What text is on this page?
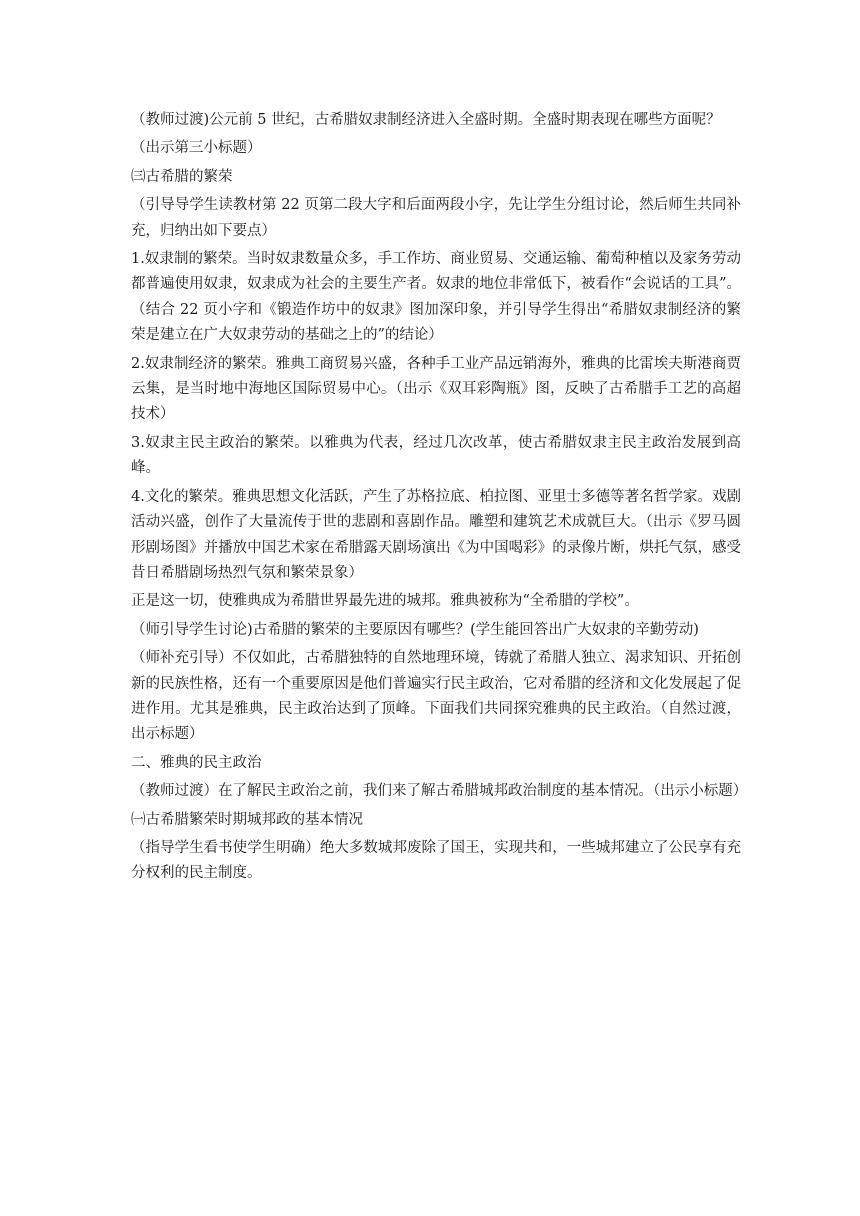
（教师过渡)公元前 5 世纪，古希腊奴隶制经济进入全盛时期。全盛时期表现在哪些方面呢？

（出示第三小标题）

㈢古希腊的繁荣

（引导导学生读教材第 22 页第二段大字和后面两段小字，先让学生分组讨论，然后师生共同补充，归纳出如下要点）

1.奴隶制的繁荣。当时奴隶数量众多，手工作坊、商业贸易、交通运输、葡萄种植以及家务劳动都普遍使用奴隶，奴隶成为社会的主要生产者。奴隶的地位非常低下，被看作“会说话的工具”。（结合 22 页小字和《锻造作坊中的奴隶》图加深印象，并引导学生得出“希腊奴隶制经济的繁荣是建立在广大奴隶劳动的基础之上的”的结论）

2.奴隶制经济的繁荣。雅典工商贸易兴盛，各种手工业产品远销海外，雅典的比雷埃夫斯港商贾云集，是当时地中海地区国际贸易中心。（出示《双耳彩陶瓶》图，反映了古希腊手工艺的高超技术）

3.奴隶主民主政治的繁荣。以雅典为代表，经过几次改革，使古希腊奴隶主民主政治发展到高峰。

4.文化的繁荣。雅典思想文化活跃，产生了苏格拉底、柏拉图、亚里士多德等著名哲学家。戏剧活动兴盛，创作了大量流传于世的悲剧和喜剧作品。雕塑和建筑艺术成就巨大。（出示《罗马圆形剧场图》并播放中国艺术家在希腊露天剧场演出《为中国喝彩》的录像片断，烘托气氛，感受昔日希腊剧场热烈气氛和繁荣景象）

正是这一切，使雅典成为希腊世界最先进的城邦。雅典被称为“全希腊的学校”。

（师引导学生讨论)古希腊的繁荣的主要原因有哪些？(学生能回答出广大奴隶的辛勤劳动)

（师补充引导）不仅如此，古希腊独特的自然地理环境，铸就了希腊人独立、渴求知识、开拓创新的民族性格，还有一个重要原因是他们普遍实行民主政治，它对希腊的经济和文化发展起了促进作用。尤其是雅典，民主政治达到了顶峰。下面我们共同探究雅典的民主政治。（自然过渡，出示标题）

二、雅典的民主政治

（教师过渡）在了解民主政治之前，我们来了解古希腊城邦政治制度的基本情况。（出示小标题）

㈠古希腊繁荣时期城邦政的基本情况

（指导学生看书使学生明确）绝大多数城邦废除了国王，实现共和，一些城邦建立了公民享有充分权利的民主制度。
